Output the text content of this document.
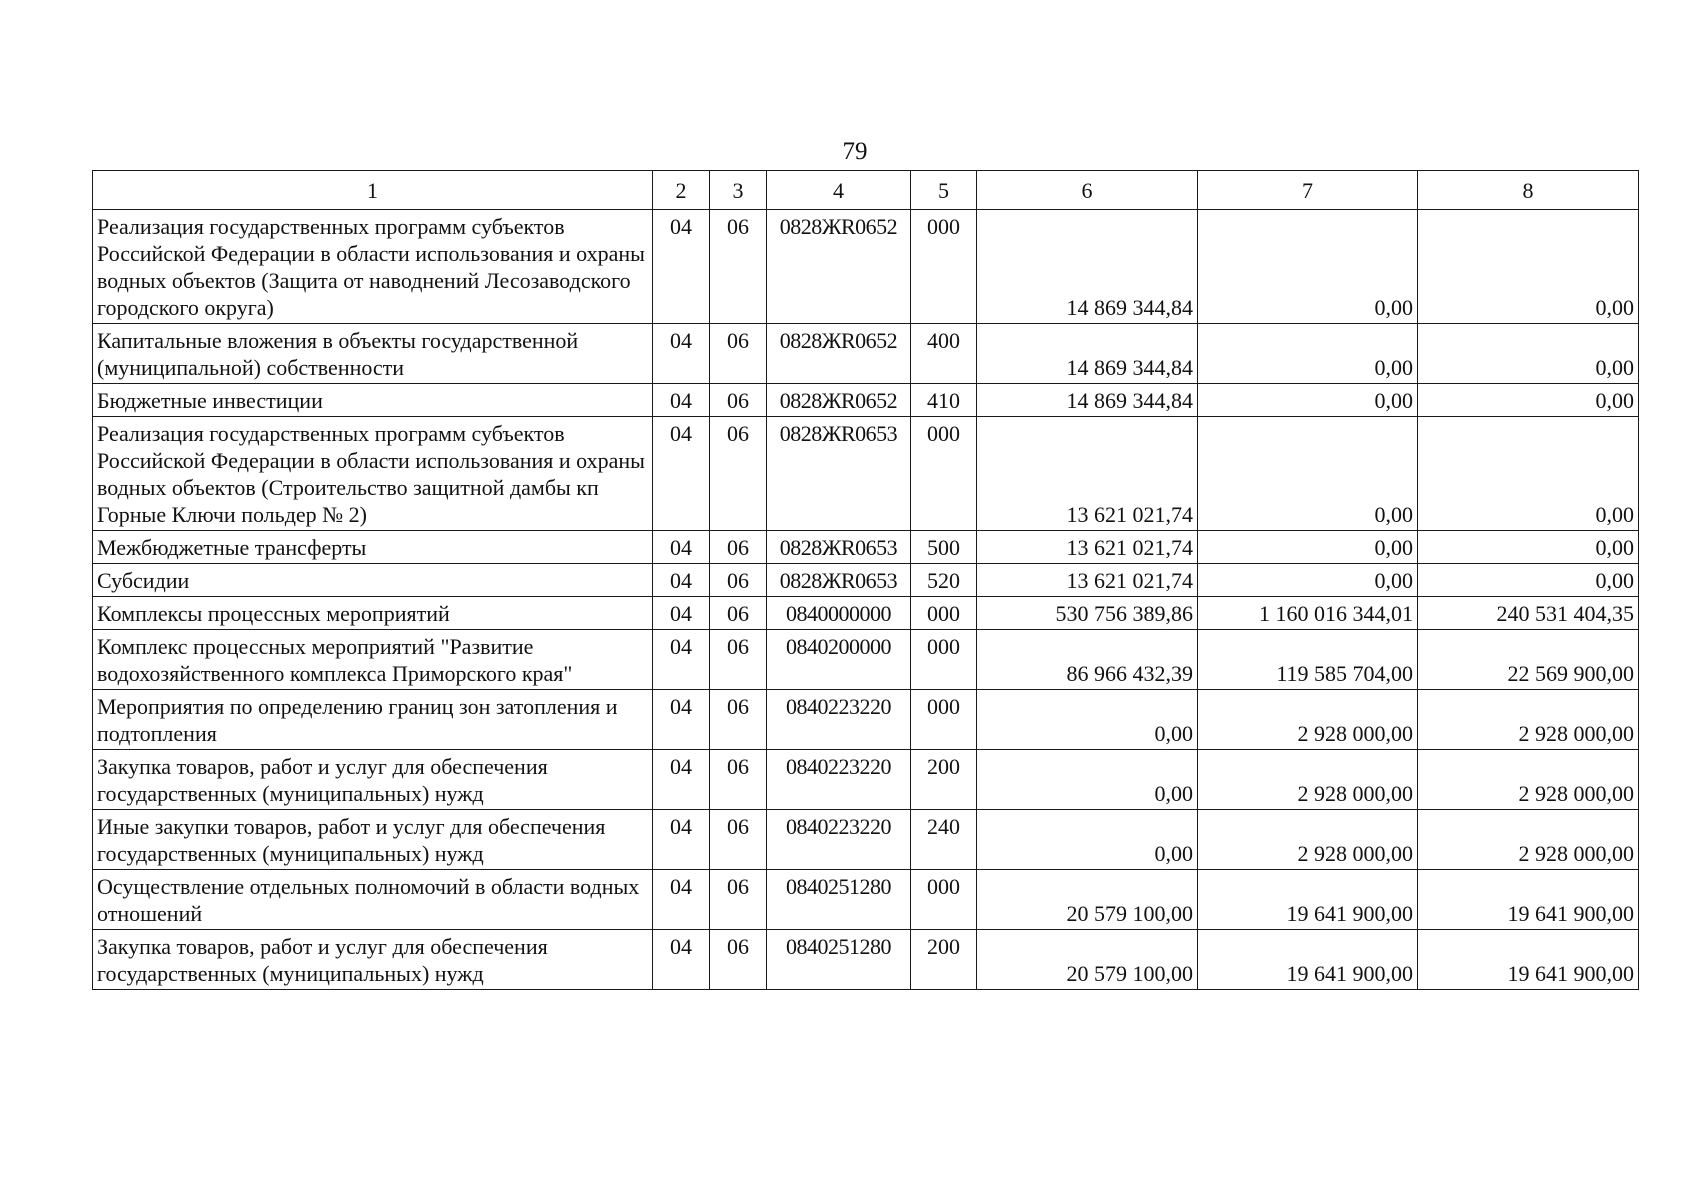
79
1	2	3	4	5	6	7	8
Реализация государственных программ субъектов Российской Федерации в области использования и охраны водных объектов (Защита от наводнений Лесозаводского городского округа)	04	06	0828ЖR0652	000	14 869 344,84	0,00	0,00
Капитальные вложения в объекты государственной (муниципальной) собственности	04	06	0828ЖR0652	400	14 869 344,84	0,00	0,00
Бюджетные инвестиции	04	06	0828ЖR0652	410	14 869 344,84	0,00	0,00
Реализация государственных программ субъектов Российской Федерации в области использования и охраны водных объектов (Строительство защитной дамбы кп Горные Ключи польдер № 2)	04	06	0828ЖR0653	000	13 621 021,74	0,00	0,00
Межбюджетные трансферты	04	06	0828ЖR0653	500	13 621 021,74	0,00	0,00
Субсидии	04	06	0828ЖR0653	520	13 621 021,74	0,00	0,00
Комплексы процессных мероприятий	04	06	0840000000	000	530 756 389,86	1 160 016 344,01	240 531 404,35
Комплекс процессных мероприятий "Развитие водохозяйственного комплекса Приморского края"	04	06	0840200000	000	86 966 432,39	119 585 704,00	22 569 900,00
Мероприятия по определению границ зон затопления и подтопления	04	06	0840223220	000	0,00	2 928 000,00	2 928 000,00
Закупка товаров, работ и услуг для обеспечения государственных (муниципальных) нужд	04	06	0840223220	200	0,00	2 928 000,00	2 928 000,00
Иные закупки товаров, работ и услуг для обеспечения государственных (муниципальных) нужд	04	06	0840223220	240	0,00	2 928 000,00	2 928 000,00
Осуществление отдельных полномочий в области водных отношений	04	06	0840251280	000	20 579 100,00	19 641 900,00	19 641 900,00
Закупка товаров, работ и услуг для обеспечения государственных (муниципальных) нужд	04	06	0840251280	200	20 579 100,00	19 641 900,00	19 641 900,00
